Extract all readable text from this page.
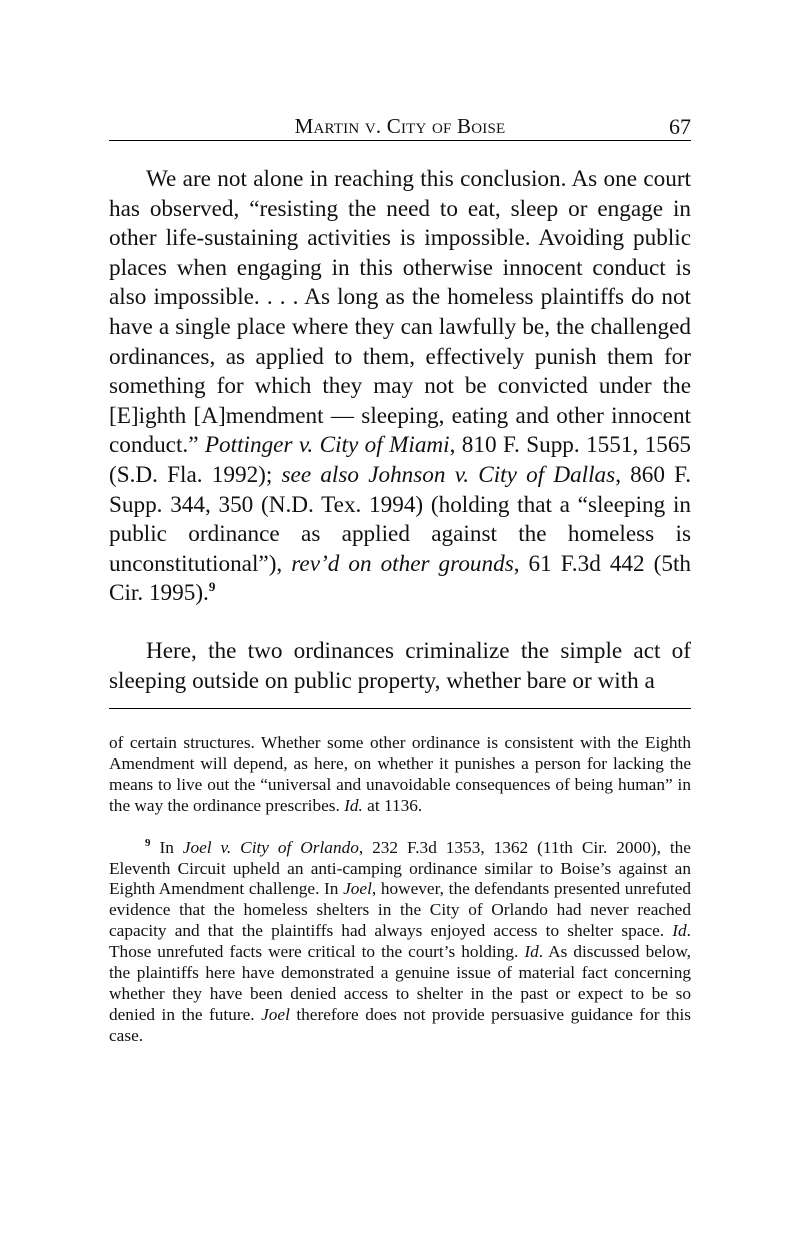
Martin v. City of Boise	67

We are not alone in reaching this conclusion. As one court has observed, “resisting the need to eat, sleep or engage in other life-sustaining activities is impossible. Avoiding public places when engaging in this otherwise innocent conduct is also impossible. . . . As long as the homeless plaintiffs do not have a single place where they can lawfully be, the challenged ordinances, as applied to them, effectively punish them for something for which they may not be convicted under the [E]ighth [A]mendment — sleeping, eating and other innocent conduct.” Pottinger v. City of Miami, 810 F. Supp. 1551, 1565 (S.D. Fla. 1992); see also Johnson v. City of Dallas, 860 F. Supp. 344, 350 (N.D. Tex. 1994) (holding that a “sleeping in public ordinance as applied against the homeless is unconstitutional”), rev’d on other grounds, 61 F.3d 442 (5th Cir. 1995).$^9$

Here, the two ordinances criminalize the simple act of sleeping outside on public property, whether bare or with a

of certain structures. Whether some other ordinance is consistent with the Eighth Amendment will depend, as here, on whether it punishes a person for lacking the means to live out the “universal and unavoidable consequences of being human” in the way the ordinance prescribes. Id. at 1136.

$^9$ In Joel v. City of Orlando, 232 F.3d 1353, 1362 (11th Cir. 2000), the Eleventh Circuit upheld an anti-camping ordinance similar to Boise’s against an Eighth Amendment challenge. In Joel, however, the defendants presented unrefuted evidence that the homeless shelters in the City of Orlando had never reached capacity and that the plaintiffs had always enjoyed access to shelter space. Id. Those unrefuted facts were critical to the court’s holding. Id. As discussed below, the plaintiffs here have demonstrated a genuine issue of material fact concerning whether they have been denied access to shelter in the past or expect to be so denied in the future. Joel therefore does not provide persuasive guidance for this case.
